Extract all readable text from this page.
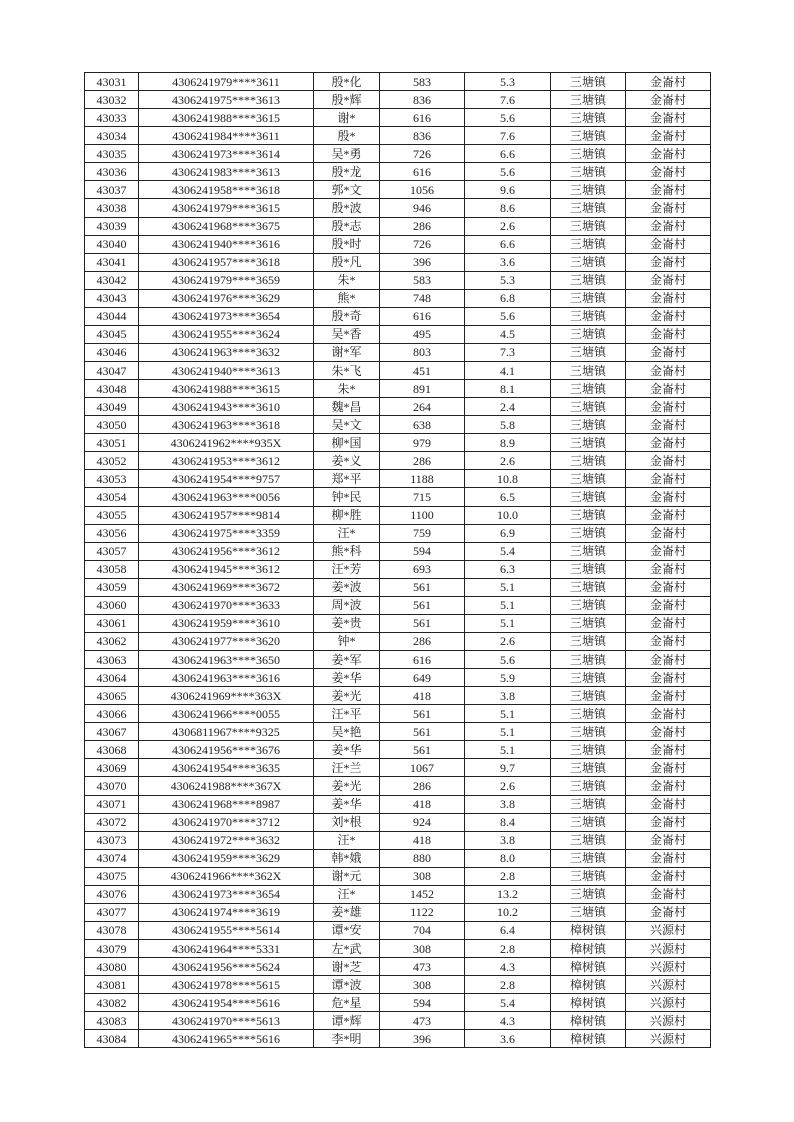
43031	4306241979****3611	殷*化	583	5.3	三塘镇	金崙村
43032	4306241975****3613	殷*辉	836	7.6	三塘镇	金崙村
43033	4306241988****3615	谢*	616	5.6	三塘镇	金崙村
43034	4306241984****3611	殷*	836	7.6	三塘镇	金崙村
43035	4306241973****3614	吴*勇	726	6.6	三塘镇	金崙村
43036	4306241983****3613	殷*龙	616	5.6	三塘镇	金崙村
43037	4306241958****3618	郭*文	1056	9.6	三塘镇	金崙村
43038	4306241979****3615	殷*波	946	8.6	三塘镇	金崙村
43039	4306241968****3675	殷*志	286	2.6	三塘镇	金崙村
43040	4306241940****3616	殷*时	726	6.6	三塘镇	金崙村
43041	4306241957****3618	殷*凡	396	3.6	三塘镇	金崙村
43042	4306241979****3659	朱*	583	5.3	三塘镇	金崙村
43043	4306241976****3629	熊*	748	6.8	三塘镇	金崙村
43044	4306241973****3654	殷*奇	616	5.6	三塘镇	金崙村
43045	4306241955****3624	吴*香	495	4.5	三塘镇	金崙村
43046	4306241963****3632	谢*军	803	7.3	三塘镇	金崙村
43047	4306241940****3613	朱*飞	451	4.1	三塘镇	金崙村
43048	4306241988****3615	朱*	891	8.1	三塘镇	金崙村
43049	4306241943****3610	魏*昌	264	2.4	三塘镇	金崙村
43050	4306241963****3618	吴*文	638	5.8	三塘镇	金崙村
43051	4306241962****935X	柳*国	979	8.9	三塘镇	金崙村
43052	4306241953****3612	姜*义	286	2.6	三塘镇	金崙村
43053	4306241954****9757	郑*平	1188	10.8	三塘镇	金崙村
43054	4306241963****0056	钟*民	715	6.5	三塘镇	金崙村
43055	4306241957****9814	柳*胜	1100	10.0	三塘镇	金崙村
43056	4306241975****3359	汪*	759	6.9	三塘镇	金崙村
43057	4306241956****3612	熊*科	594	5.4	三塘镇	金崙村
43058	4306241945****3612	汪*芳	693	6.3	三塘镇	金崙村
43059	4306241969****3672	姜*波	561	5.1	三塘镇	金崙村
43060	4306241970****3633	周*波	561	5.1	三塘镇	金崙村
43061	4306241959****3610	姜*贵	561	5.1	三塘镇	金崙村
43062	4306241977****3620	钟*	286	2.6	三塘镇	金崙村
43063	4306241963****3650	姜*军	616	5.6	三塘镇	金崙村
43064	4306241963****3616	姜*华	649	5.9	三塘镇	金崙村
43065	4306241969****363X	姜*光	418	3.8	三塘镇	金崙村
43066	4306241966****0055	汪*平	561	5.1	三塘镇	金崙村
43067	4306811967****9325	吴*艳	561	5.1	三塘镇	金崙村
43068	4306241956****3676	姜*华	561	5.1	三塘镇	金崙村
43069	4306241954****3635	汪*兰	1067	9.7	三塘镇	金崙村
43070	4306241988****367X	姜*光	286	2.6	三塘镇	金崙村
43071	4306241968****8987	姜*华	418	3.8	三塘镇	金崙村
43072	4306241970****3712	刘*根	924	8.4	三塘镇	金崙村
43073	4306241972****3632	汪*	418	3.8	三塘镇	金崙村
43074	4306241959****3629	韩*娥	880	8.0	三塘镇	金崙村
43075	4306241966****362X	谢*元	308	2.8	三塘镇	金崙村
43076	4306241973****3654	汪*	1452	13.2	三塘镇	金崙村
43077	4306241974****3619	姜*雄	1122	10.2	三塘镇	金崙村
43078	4306241955****5614	谭*安	704	6.4	樟树镇	兴源村
43079	4306241964****5331	左*武	308	2.8	樟树镇	兴源村
43080	4306241956****5624	谢*芝	473	4.3	樟树镇	兴源村
43081	4306241978****5615	谭*波	308	2.8	樟树镇	兴源村
43082	4306241954****5616	危*星	594	5.4	樟树镇	兴源村
43083	4306241970****5613	谭*辉	473	4.3	樟树镇	兴源村
43084	4306241965****5616	李*明	396	3.6	樟树镇	兴源村
